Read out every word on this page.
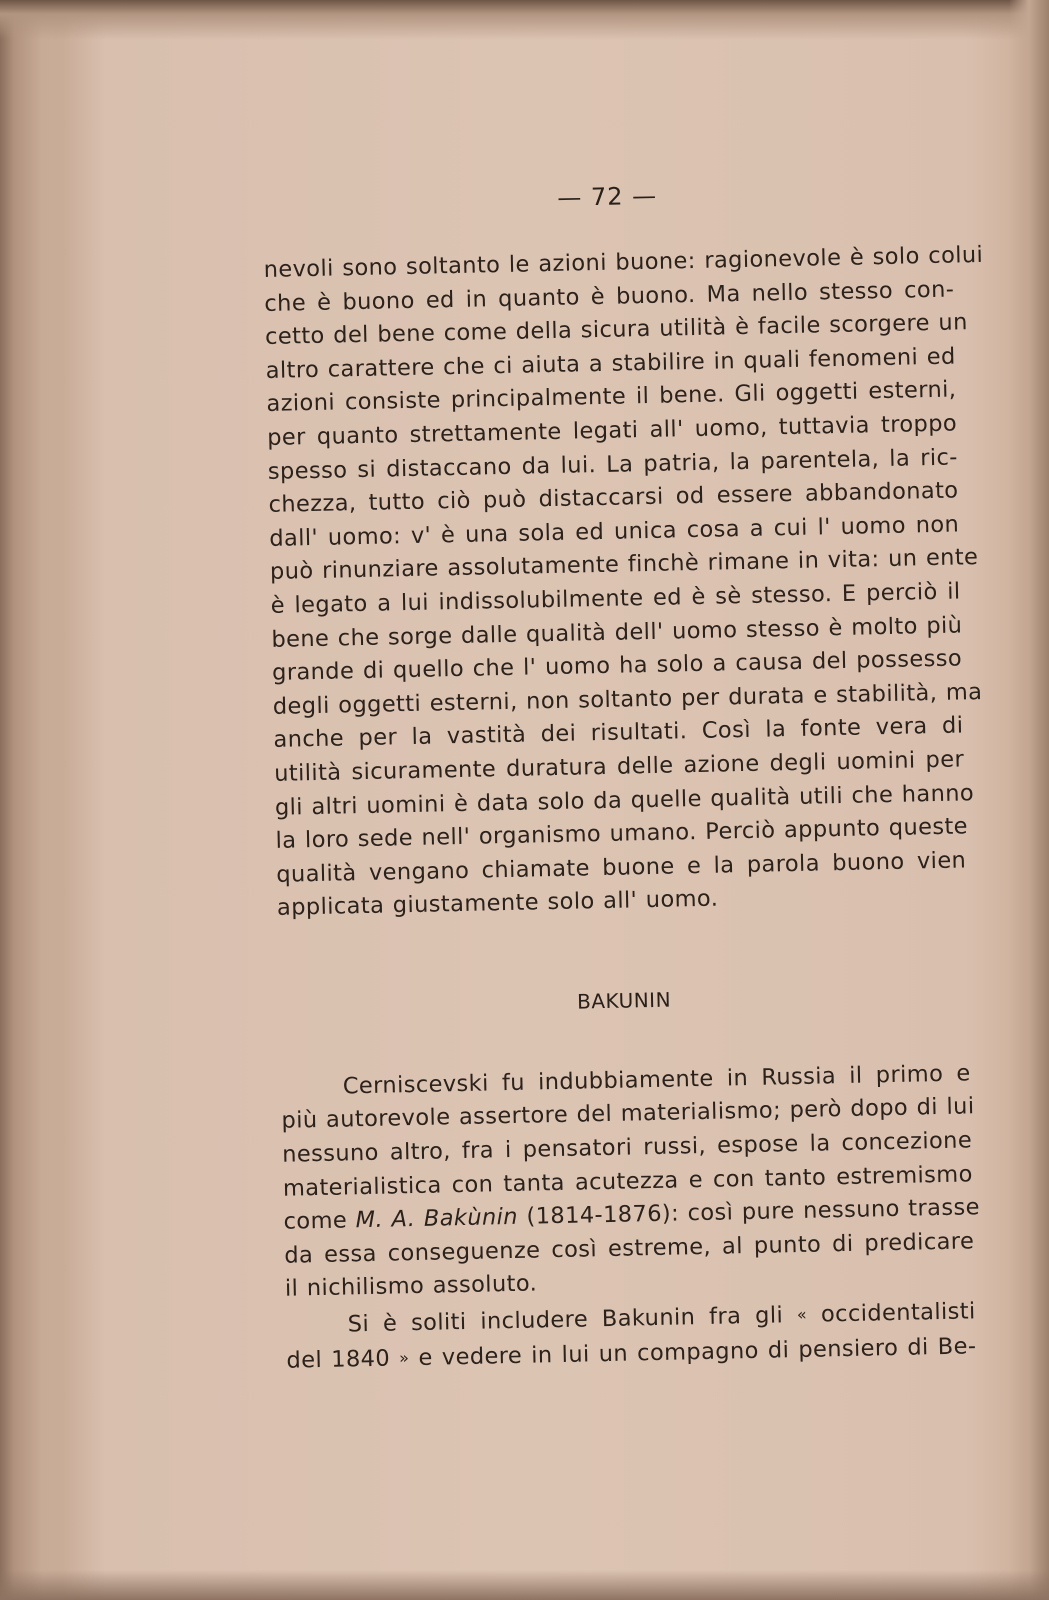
— 72 —

nevoli sono soltanto le azioni buone: ragionevole è solo colui
che è buono ed in quanto è buono. Ma nello stesso con-
cetto del bene come della sicura utilità è facile scorgere un
altro carattere che ci aiuta a stabilire in quali fenomeni ed
azioni consiste principalmente il bene. Gli oggetti esterni,
per quanto strettamente legati all' uomo, tuttavia troppo
spesso si distaccano da lui. La patria, la parentela, la ric-
chezza, tutto ciò può distaccarsi od essere abbandonato
dall' uomo: v' è una sola ed unica cosa a cui l' uomo non
può rinunziare assolutamente finchè rimane in vita: un ente
è legato a lui indissolubilmente ed è sè stesso. E perciò il
bene che sorge dalle qualità dell' uomo stesso è molto più
grande di quello che l' uomo ha solo a causa del possesso
degli oggetti esterni, non soltanto per durata e stabilità, ma
anche per la vastità dei risultati. Così la fonte vera di
utilità sicuramente duratura delle azione degli uomini per
gli altri uomini è data solo da quelle qualità utili che hanno
la loro sede nell' organismo umano. Perciò appunto queste
qualità vengano chiamate buone e la parola buono vien
applicata giustamente solo all' uomo.

BAKUNIN

Cerniscevski fu indubbiamente in Russia il primo e
più autorevole assertore del materialismo; però dopo di lui
nessuno altro, fra i pensatori russi, espose la concezione
materialistica con tanta acutezza e con tanto estremismo
come M. A. Bakùnin (1814-1876): così pure nessuno trasse
da essa conseguenze così estreme, al punto di predicare
il nichilismo assoluto.

Si è soliti includere Bakunin fra gli « occidentalisti
del 1840 » e vedere in lui un compagno di pensiero di Be-
